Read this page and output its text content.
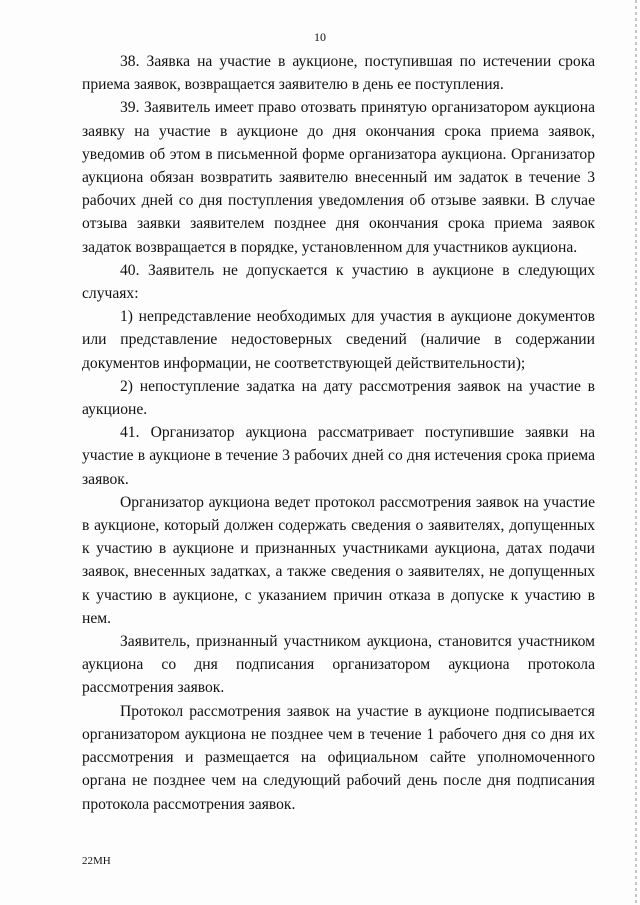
10

38. Заявка на участие в аукционе, поступившая по истечении срока приема заявок, возвращается заявителю в день ее поступления.

39. Заявитель имеет право отозвать принятую организатором аукциона заявку на участие в аукционе до дня окончания срока приема заявок, уведомив об этом в письменной форме организатора аукциона. Организатор аукциона обязан возвратить заявителю внесенный им задаток в течение 3 рабочих дней со дня поступления уведомления об отзыве заявки. В случае отзыва заявки заявителем позднее дня окончания срока приема заявок задаток возвращается в порядке, установленном для участников аукциона.

40. Заявитель не допускается к участию в аукционе в следующих случаях:

1) непредставление необходимых для участия в аукционе документов или представление недостоверных сведений (наличие в содержании документов информации, не соответствующей действительности);

2) непоступление задатка на дату рассмотрения заявок на участие в аукционе.

41. Организатор аукциона рассматривает поступившие заявки на участие в аукционе в течение 3 рабочих дней со дня истечения срока приема заявок.

Организатор аукциона ведет протокол рассмотрения заявок на участие в аукционе, который должен содержать сведения о заявителях, допущенных к участию в аукционе и признанных участниками аукциона, датах подачи заявок, внесенных задатках, а также сведения о заявителях, не допущенных к участию в аукционе, с указанием причин отказа в допуске к участию в нем.

Заявитель, признанный участником аукциона, становится участником аукциона со дня подписания организатором аукциона протокола рассмотрения заявок.

Протокол рассмотрения заявок на участие в аукционе подписывается организатором аукциона не позднее чем в течение 1 рабочего дня со дня их рассмотрения и размещается на официальном сайте уполномоченного органа не позднее чем на следующий рабочий день после дня подписания протокола рассмотрения заявок.

22МН
